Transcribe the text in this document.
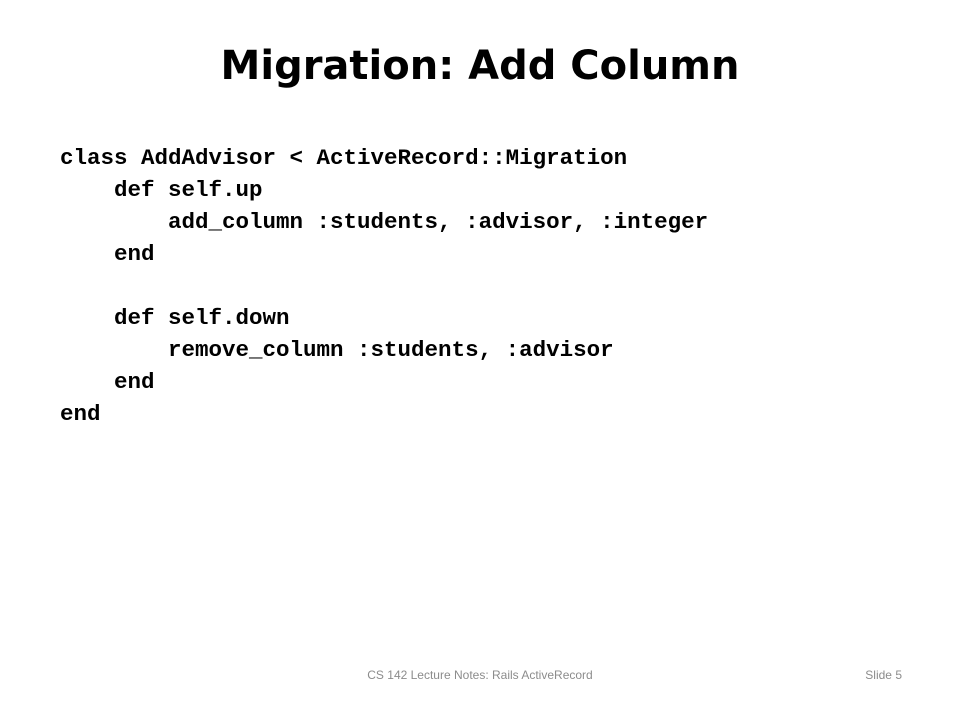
Migration: Add Column
class AddAdvisor < ActiveRecord::Migration
def self.up
add_column :students, :advisor, :integer
end
def self.down
remove_column :students, :advisor
end
end
CS 142 Lecture Notes: Rails ActiveRecord	Slide 5
